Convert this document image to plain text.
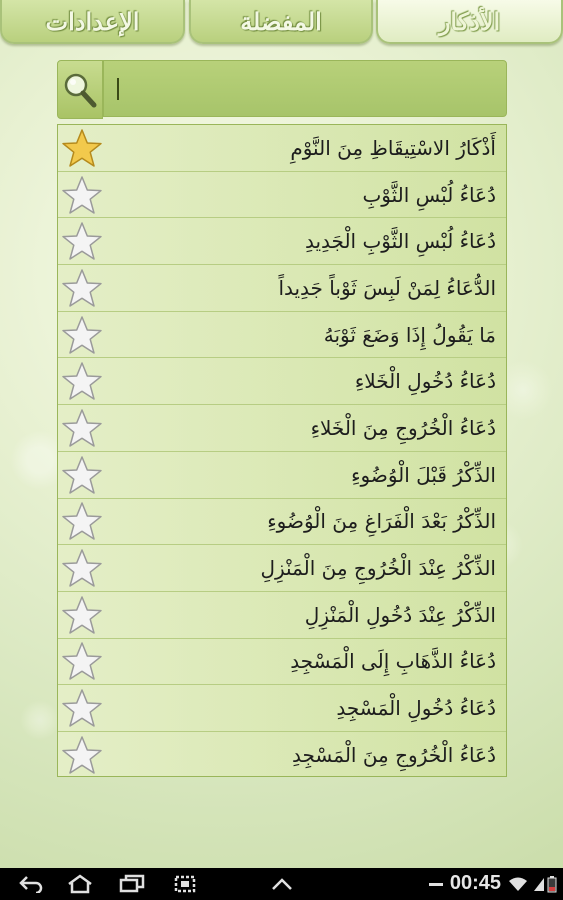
الإعدادات	المفضلة	الأذكار
أَذْكَارُ الاسْتِيقَاظِ مِنَ النَّوْمِ
دُعَاءُ لُبْسِ الثَّوْبِ
دُعَاءُ لُبْسِ الثَّوْبِ الْجَدِيدِ
الدُّعَاءُ لِمَنْ لَبِسَ ثَوْباً جَدِيداً
مَا يَقُولُ إِذَا وَضَعَ ثَوْبَهُ
دُعَاءُ دُخُولِ الْخَلاءِ
دُعَاءُ الْخُرُوجِ مِنَ الْخَلاءِ
الذِّكْرُ قَبْلَ الْوُضُوءِ
الذِّكْرُ بَعْدَ الْفَرَاغِ مِنَ الْوُضُوءِ
الذِّكْرُ عِنْدَ الْخُرُوجِ مِنَ الْمَنْزِلِ
الذِّكْرُ عِنْدَ دُخُولِ الْمَنْزِلِ
دُعَاءُ الذَّهَابِ إِلَى الْمَسْجِدِ
دُعَاءُ دُخُولِ الْمَسْجِدِ
دُعَاءُ الْخُرُوجِ مِنَ الْمَسْجِدِ
00:45
